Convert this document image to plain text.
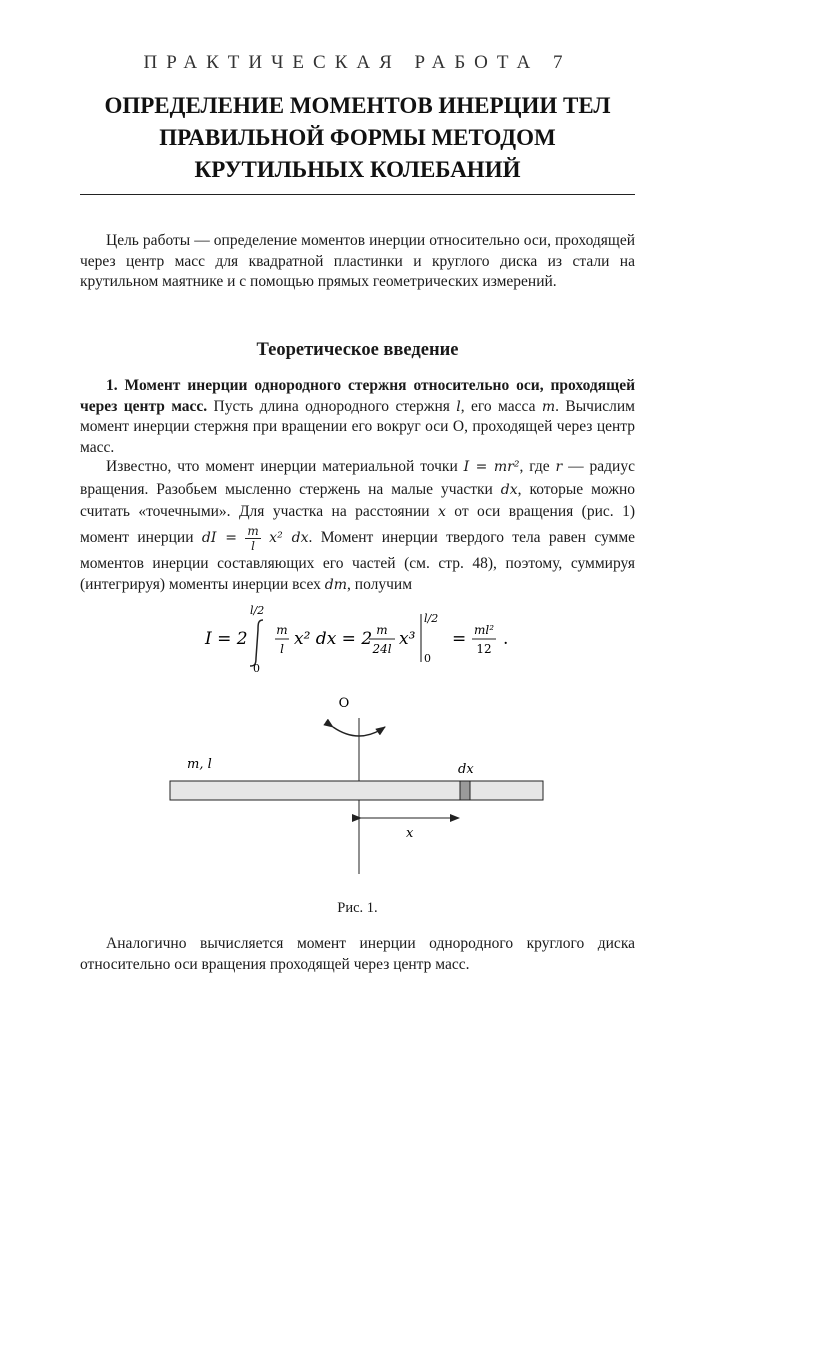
ПРАКТИЧЕСКАЯ РАБОТА 7
ОПРЕДЕЛЕНИЕ МОМЕНТОВ ИНЕРЦИИ ТЕЛ
ПРАВИЛЬНОЙ ФОРМЫ МЕТОДОМ
КРУТИЛЬНЫХ КОЛЕБАНИЙ

Цель работы — определение моментов инерции относительно оси, проходящей через центр масс для квадратной пластинки и круглого диска из стали на крутильном маятнике и с помощью прямых геометрических измерений.

Теоретическое введение

1. Момент инерции однородного стержня относительно оси, проходящей через центр масс. Пусть длина однородного стержня l, его масса m. Вычислим момент инерции стержня при вращении его вокруг оси О, проходящей через центр масс.

Известно, что момент инерции материальной точки I = mr², где r — радиус вращения. Разобьем мысленно стержень на малые участки dx, которые можно считать «точечными». Для участка на расстоянии x от оси вращения (рис. 1) момент инерции dI = $\frac{m}{l} x^2$ dx. Момент инерции твердого тела равен сумме моментов инерции составляющих его частей (см. стр. 48), поэтому, суммируя (интегрируя) моменты инерции всех dm, получим

I = 2
l/2
0
m
l x² dx = 2 m
24l x³
l/2
0
= ml²
12 .
O
m, l	dx
x
Рис. 1.

Аналогично вычисляется момент инерции однородного круглого диска относительно оси вращения проходящей через центр масс.
